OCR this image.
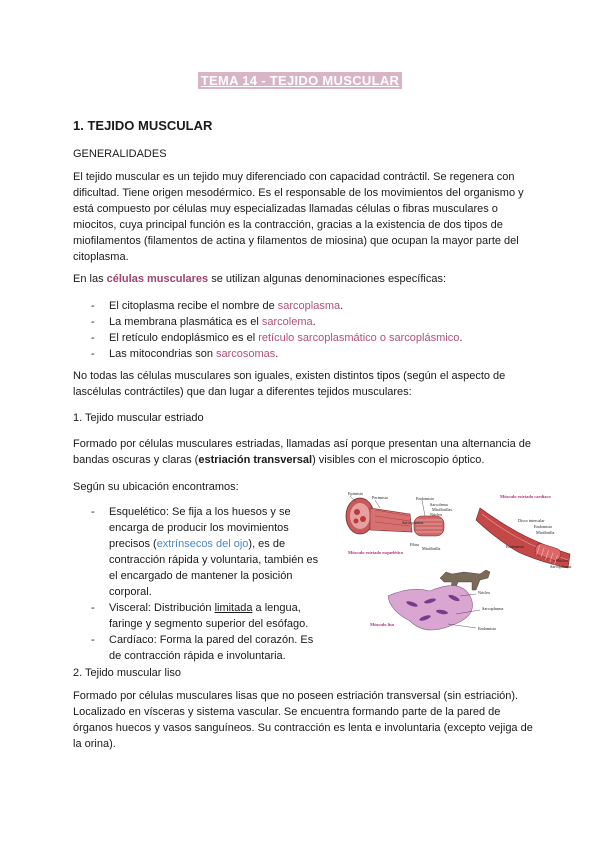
TEMA 14 - TEJIDO MUSCULAR
1. TEJIDO MUSCULAR
GENERALIDADES
El tejido muscular es un tejido muy diferenciado con capacidad contráctil. Se regenera con dificultad. Tiene origen mesodérmico. Es el responsable de los movimientos del organismo y está compuesto por células muy especializadas llamadas células o fibras musculares o miocitos, cuya principal función es la contracción, gracias a la existencia de dos tipos de miofilamentos (filamentos de actina y filamentos de miosina) que ocupan la mayor parte del citoplasma.
En las células musculares se utilizan algunas denominaciones específicas:
- El citoplasma recibe el nombre de sarcoplasma.
- La membrana plasmática es el sarcolema.
- El retículo endoplásmico es el retículo sarcoplasmático o sarcoplásmico.
- Las mitocondrias son sarcosomas.
No todas las células musculares son iguales, existen distintos tipos (según el aspecto de lascélulas contráctiles) que dan lugar a diferentes tejidos musculares:
1. Tejido muscular estriado
Formado por células musculares estriadas, llamadas así porque presentan una alternancia de bandas oscuras y claras (estriación transversal) visibles con el microscopio óptico.
Según su ubicación encontramos:
- Esquelético: Se fija a los huesos y se encarga de producir los movimientos precisos (extrínsecos del ojo), es de contracción rápida y voluntaria, también es el encargado de mantener la posición corporal.
- Visceral: Distribución limitada a lengua, faringe y segmento superior del esófago.
- Cardíaco: Forma la pared del corazón. Es de contracción rápida e involuntaria.
2. Tejido muscular liso
Formado por células musculares lisas que no poseen estriación transversal (sin estriación). Localizado en vísceras y sistema vascular. Se encuentra formando parte de la pared de órganos huecos y vasos sanguíneos. Su contracción es lenta e involuntaria (excepto vejiga de la orina).
Epimisio
Perimisio	Endomisio
Sarcolema
Miofibrillas
Núcleo
Sarcoplasma
Fibra
Miofibrilla
Músculo estriado esquelético
Músculo estriado cardíaco
Disco intercalar
Endomisio
Miofibrilla
Núcleo
Sarcoplasma
Endomisio
Músculo liso
Núcleo
Sarcoplasma
Endomisio
